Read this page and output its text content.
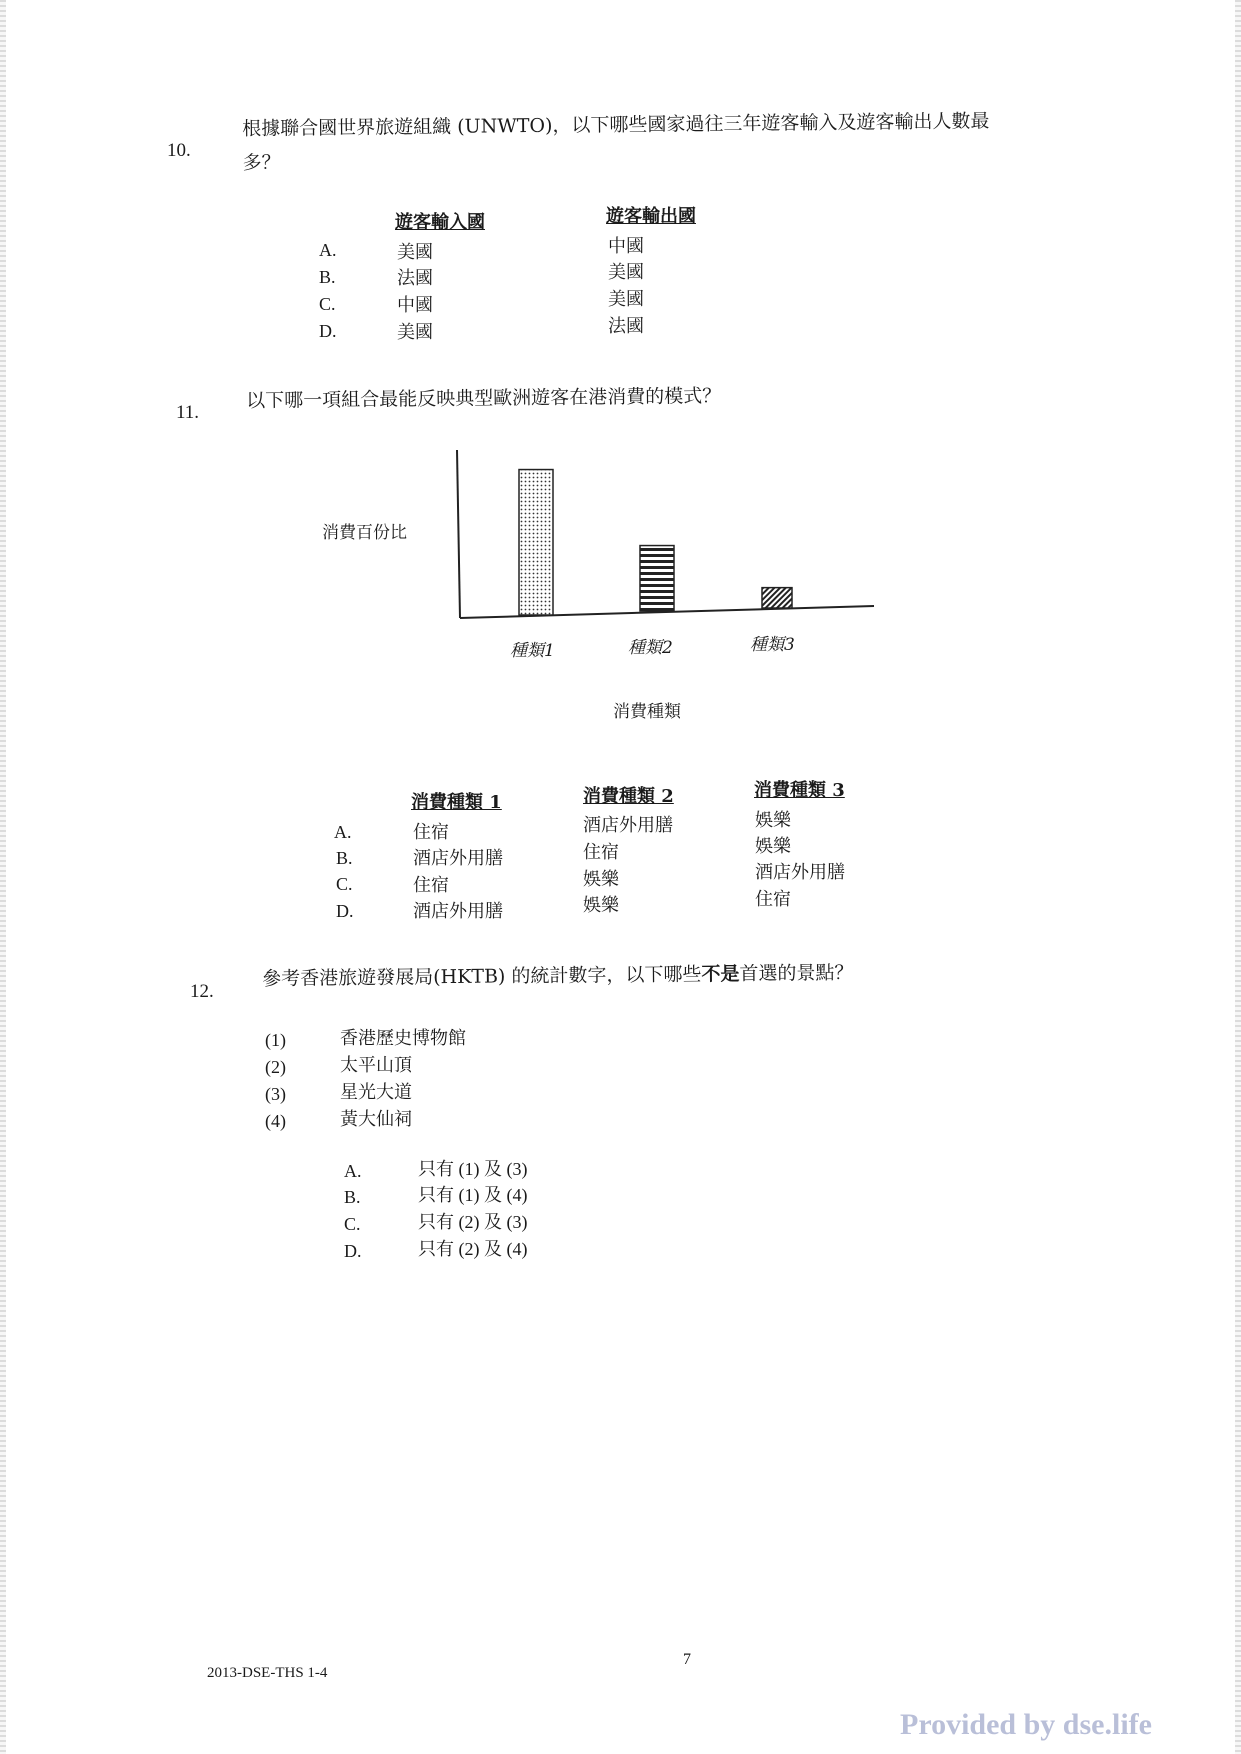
10.
根據聯合國世界旅遊組織 (UNWTO)，以下哪些國家過往三年遊客輸入及遊客輸出人數最
多？
遊客輸入國	遊客輸出國
A.	美國	中國
B.	法國	美國
C.	中國	美國
D.	美國	法國
11.
以下哪一項組合最能反映典型歐洲遊客在港消費的模式？
消費百份比
種類1	種類2	種類3
消費種類
消費種類 1	消費種類 2	消費種類 3
A.	住宿	酒店外用膳	娛樂
B.	酒店外用膳	住宿	娛樂
C.	住宿	娛樂	酒店外用膳
D.	酒店外用膳	娛樂	住宿
12.
參考香港旅遊發展局(HKTB) 的統計數字，以下哪些不是首選的景點？
(1)	香港歷史博物館
(2)	太平山頂
(3)	星光大道
(4)	黃大仙祠
A.	只有 (1) 及 (3)
B.	只有 (1) 及 (4)
C.	只有 (2) 及 (3)
D.	只有 (2) 及 (4)
7
2013-DSE-THS 1-4
Provided by dse.life
